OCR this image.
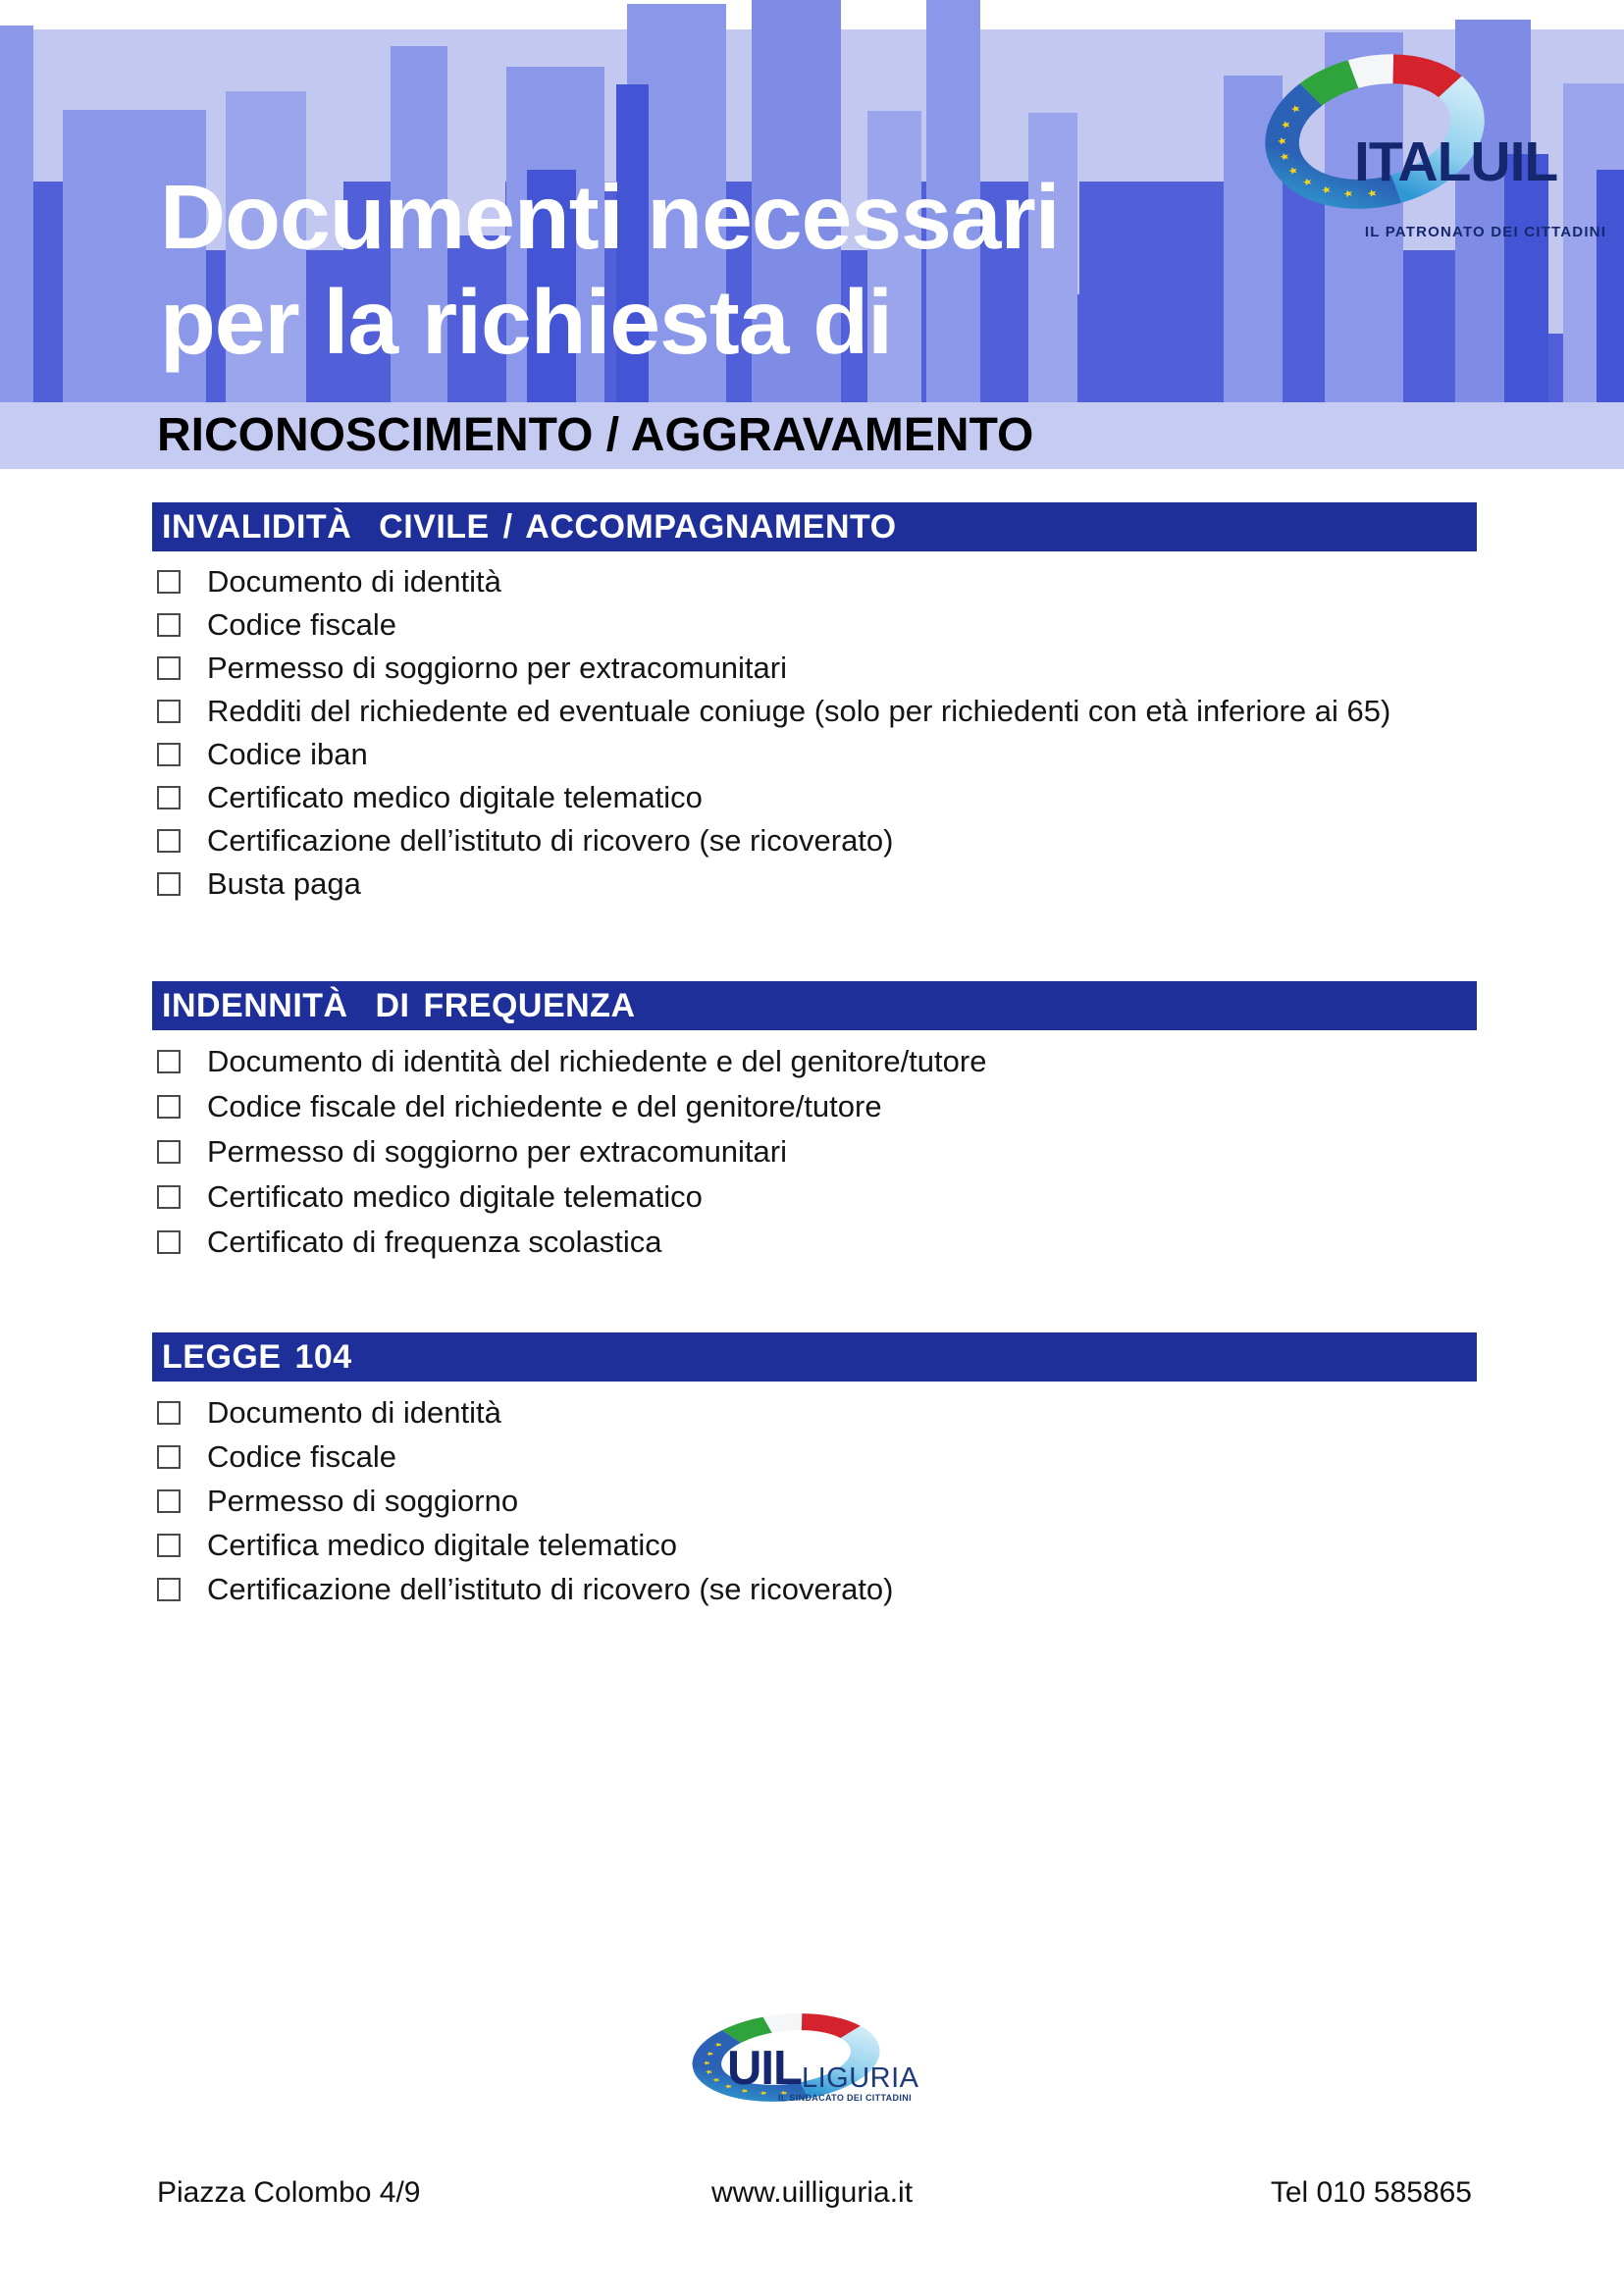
Documenti necessari
per la richiesta di
ITALUIL
IL PATRONATO DEI CITTADINI
RICONOSCIMENTO / AGGRAVAMENTO
INVALIDITÀ  CIVILE / ACCOMPAGNAMENTO
Documento di identità
Codice fiscale
Permesso di soggiorno per extracomunitari
Redditi del richiedente ed eventuale coniuge (solo per richiedenti con età inferiore ai 65)
Codice iban
Certificato medico digitale telematico
Certificazione dell’istituto di ricovero (se ricoverato)
Busta paga
INDENNITÀ  DI FREQUENZA
Documento di identità del richiedente e del genitore/tutore
Codice fiscale del richiedente e del genitore/tutore
Permesso di soggiorno per extracomunitari
Certificato medico digitale telematico
Certificato di frequenza scolastica
LEGGE 104
Documento di identità
Codice fiscale
Permesso di soggiorno
Certifica medico digitale telematico
Certificazione dell’istituto di ricovero (se ricoverato)
UIL LIGURIA
IL SINDACATO DEI CITTADINI
Piazza Colombo 4/9	www.uilliguria.it	Tel 010 585865
